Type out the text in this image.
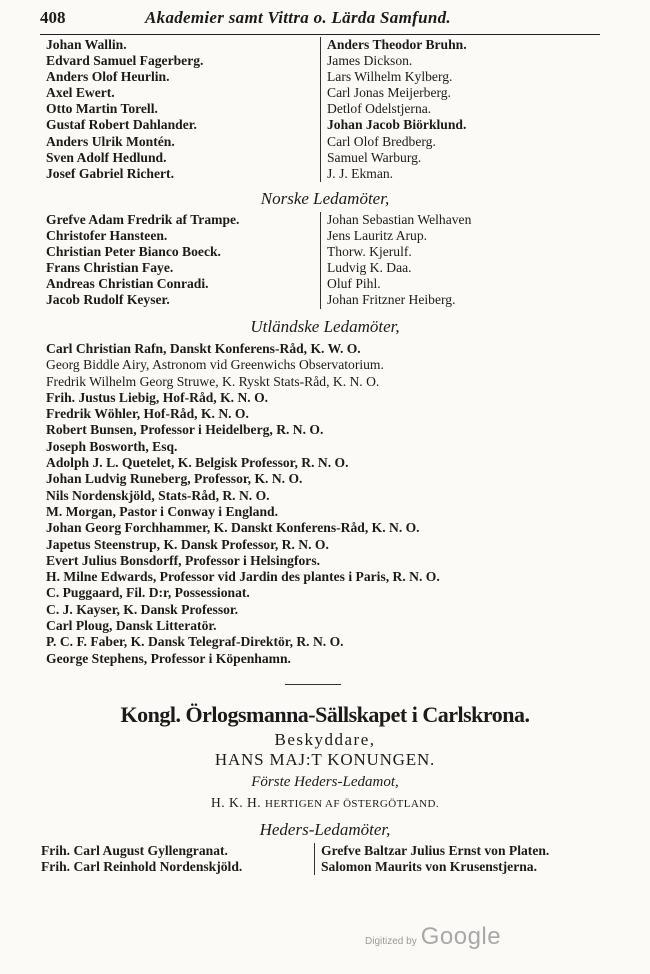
408	Akademier samt Vittra o. Lärda Samfund.
Johan Wallin.
Edvard Samuel Fagerberg.
Anders Olof Heurlin.
Axel Ewert.
Otto Martin Torell.
Gustaf Robert Dahlander.
Anders Ulrik Montén.
Sven Adolf Hedlund.
Josef Gabriel Richert.
Anders Theodor Bruhn.
James Dickson.
Lars Wilhelm Kylberg.
Carl Jonas Meijerberg.
Detlof Odelstjerna.
Johan Jacob Biörklund.
Carl Olof Bredberg.
Samuel Warburg.
J. J. Ekman.
Norske Ledamöter,
Grefve Adam Fredrik af Trampe.
Christofer Hansteen.
Christian Peter Bianco Boeck.
Frans Christian Faye.
Andreas Christian Conradi.
Jacob Rudolf Keyser.
Johan Sebastian Welhaven
Jens Lauritz Arup.
Thorw. Kjerulf.
Ludvig K. Daa.
Oluf Pihl.
Johan Fritzner Heiberg.
Utländske Ledamöter,
Carl Christian Rafn, Danskt Konferens-Råd, K. W. O.
Georg Biddle Airy, Astronom vid Greenwichs Observatorium.
Fredrik Wilhelm Georg Struwe, K. Ryskt Stats-Råd, K. N. O.
Frih. Justus Liebig, Hof-Råd, K. N. O.
Fredrik Wöhler, Hof-Råd, K. N. O.
Robert Bunsen, Professor i Heidelberg, R. N. O.
Joseph Bosworth, Esq.
Adolph J. L. Quetelet, K. Belgisk Professor, R. N. O.
Johan Ludvig Runeberg, Professor, K. N. O.
Nils Nordenskjöld, Stats-Råd, R. N. O.
M. Morgan, Pastor i Conway i England.
Johan Georg Forchhammer, K. Danskt Konferens-Råd, K. N. O.
Japetus Steenstrup, K. Dansk Professor, R. N. O.
Evert Julius Bonsdorff, Professor i Helsingfors.
H. Milne Edwards, Professor vid Jardin des plantes i Paris, R. N. O.
C. Puggaard, Fil. D:r, Possessionat.
C. J. Kayser, K. Dansk Professor.
Carl Ploug, Dansk Litteratör.
P. C. F. Faber, K. Dansk Telegraf-Direktör, R. N. O.
George Stephens, Professor i Köpenhamn.
Kongl. Örlogsmanna-Sällskapet i Carlskrona.
Beskyddare,
HANS MAJ:T KONUNGEN.
Förste Heders-Ledamot,
H. K. H. HERTIGEN AF ÖSTERGÖTLAND.
Heders-Ledamöter,
Frih. Carl August Gyllengranat.
Frih. Carl Reinhold Nordenskjöld.
Grefve Baltzar Julius Ernst von Platen.
Salomon Maurits von Krusenstjerna.
Digitized by Google
